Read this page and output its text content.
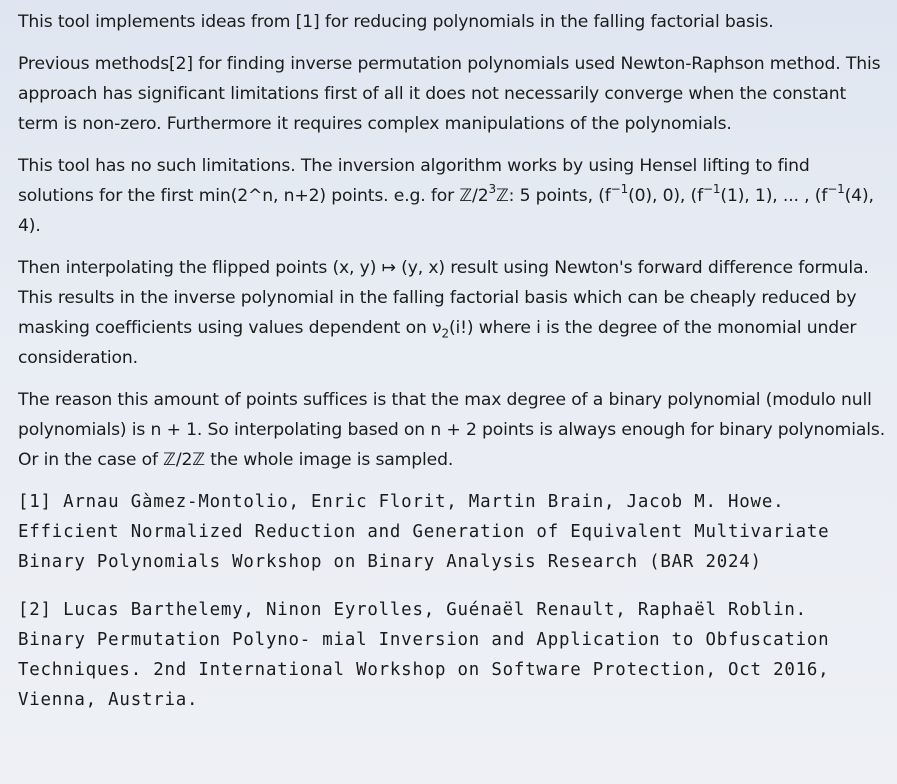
This tool implements ideas from [1] for reducing polynomials in the falling factorial basis.

Previous methods[2] for finding inverse permutation polynomials used Newton-Raphson method. This approach has significant limitations first of all it does not necessarily converge when the constant term is non-zero. Furthermore it requires complex manipulations of the polynomials.

This tool has no such limitations. The inversion algorithm works by using Hensel lifting to find solutions for the first min(2^n, n+2) points. e.g. for $ℤ/2^3ℤ$: 5 points, ($f^{-1}(0)$, 0), ($f^{-1}(1)$, 1), ... , ($f^{-1}(4)$, 4).

Then interpolating the flipped points (x, y) ↦ (y, x) result using Newton's forward difference formula. This results in the inverse polynomial in the falling factorial basis which can be cheaply reduced by masking coefficients using values dependent on $\nu_2(i!)$ where i is the degree of the monomial under consideration.

The reason this amount of points suffices is that the max degree of a binary polynomial (modulo null polynomials) is n + 1. So interpolating based on n + 2 points is always enough for binary polynomials. Or in the case of ℤ/2ℤ the whole image is sampled.

[1] Arnau Gàmez-Montolio, Enric Florit, Martin Brain, Jacob M. Howe.
Efficient Normalized Reduction and Generation of Equivalent Multivariate
Binary Polynomials Workshop on Binary Analysis Research (BAR 2024)

[2] Lucas Barthelemy, Ninon Eyrolles, Guénaël Renault, Raphaël Roblin.
Binary Permutation Polyno- mial Inversion and Application to Obfuscation
Techniques. 2nd International Workshop on Software Protection, Oct 2016,
Vienna, Austria.
